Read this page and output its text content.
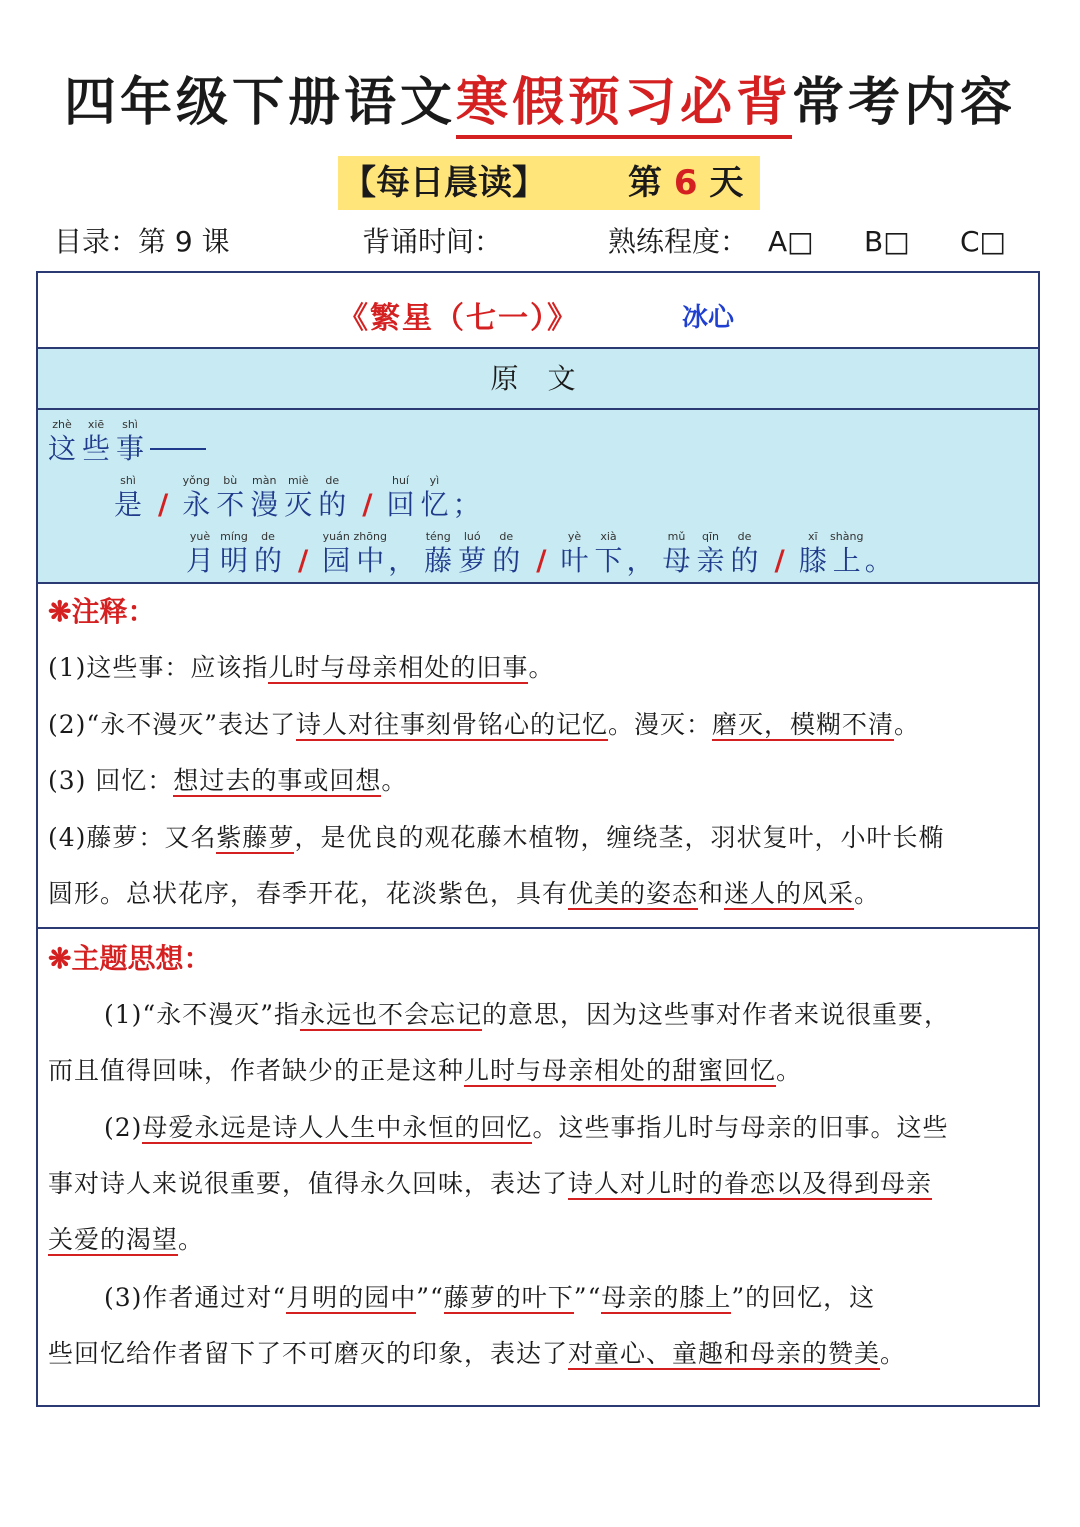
四年级下册语文寒假预习必背常考内容
【每日晨读】 第 6 天
目录：第 9 课	背诵时间：	熟练程度： A□ B□ C□
《繁星（七一）》	冰心
原 文
zhè
这
xiē
些
shì
事
shì
是 /
yǒng
永
bù
不
màn
漫
miè
灭
de
的 /
huí
回
yì
忆 ；
yuè
月
míng
明
de
的 /
yuán
园
zhōng
中 ，
téng
藤
luó
萝
de
的 /
yè
叶
xià
下 ，
mǔ
母
qīn
亲
de
的 /
xī
膝
shàng
上 。
❋注释：
(1)这些事：应该指儿时与母亲相处的旧事。
(2)“永不漫灭”表达了诗人对往事刻骨铭心的记忆。漫灭：磨灭，模糊不清。
(3) 回忆：想过去的事或回想。
(4)藤萝：又名紫藤萝，是优良的观花藤木植物，缠绕茎，羽状复叶，小叶长椭
圆形。总状花序，春季开花，花淡紫色，具有优美的姿态和迷人的风采。
❋主题思想：
(1)“永不漫灭”指永远也不会忘记的意思，因为这些事对作者来说很重要，
而且值得回味，作者缺少的正是这种儿时与母亲相处的甜蜜回忆。
(2)母爱永远是诗人人生中永恒的回忆。这些事指儿时与母亲的旧事。这些
事对诗人来说很重要，值得永久回味，表达了诗人对儿时的眷恋以及得到母亲
关爱的渴望。
(3)作者通过对“月明的园中”“藤萝的叶下”“母亲的膝上”的回忆，这
些回忆给作者留下了不可磨灭的印象，表达了对童心、童趣和母亲的赞美。
